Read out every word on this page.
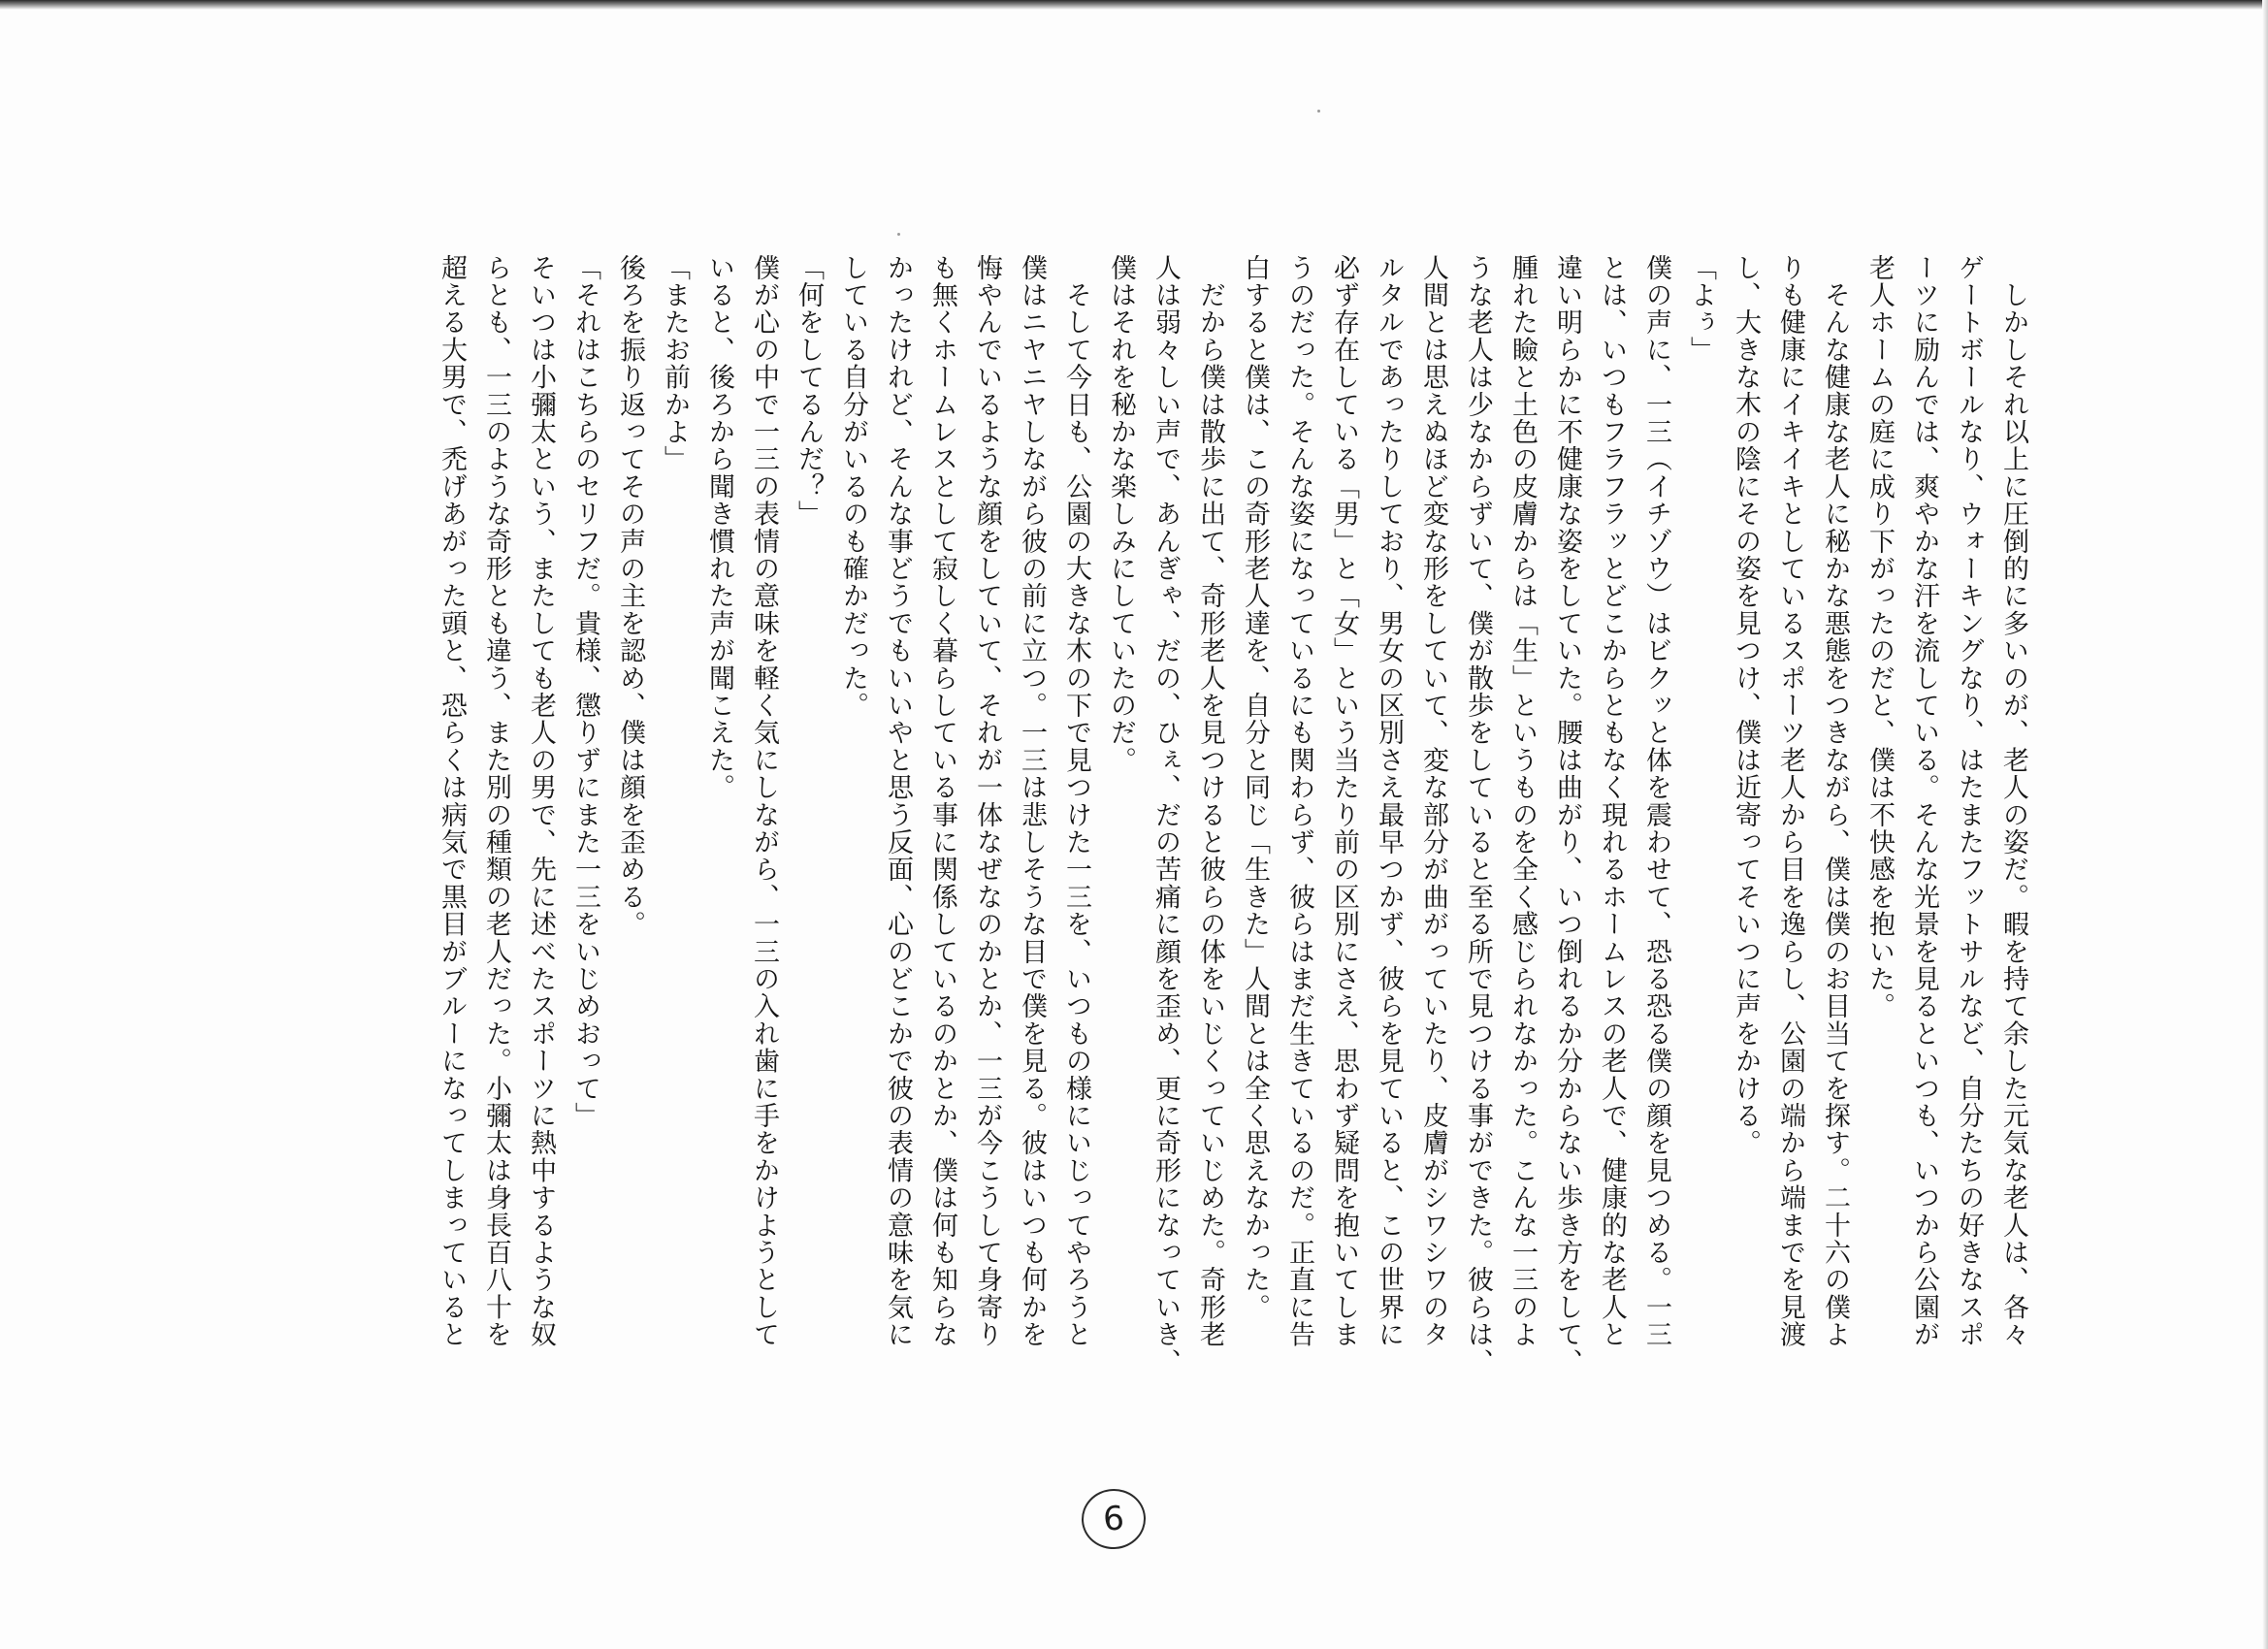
　しかしそれ以上に圧倒的に多いのが、老人の姿だ。暇を持て余した元気な老人は、各々
ゲートボールなり、ウォーキングなり、はたまたフットサルなど、自分たちの好きなスポ
ーツに励んでは、爽やかな汗を流している。そんな光景を見るといつも、いつから公園が
老人ホームの庭に成り下がったのだと、僕は不快感を抱いた。
　そんな健康な老人に秘かな悪態をつきながら、僕は僕のお目当てを探す。二十六の僕よ
りも健康にイキイキとしているスポーツ老人から目を逸らし、公園の端から端までを見渡
し、大きな木の陰にその姿を見つけ、僕は近寄ってそいつに声をかける。
「よぅ」
僕の声に、一三（イチゾウ）はビクッと体を震わせて、恐る恐る僕の顔を見つめる。一三
とは、いつもフラフラッとどこからともなく現れるホームレスの老人で、健康的な老人と
違い明らかに不健康な姿をしていた。腰は曲がり、いつ倒れるか分からない歩き方をして、
腫れた瞼と土色の皮膚からは「生」というものを全く感じられなかった。こんな一三のよ
うな老人は少なからずいて、僕が散歩をしていると至る所で見つける事ができた。彼らは、
人間とは思えぬほど変な形をしていて、変な部分が曲がっていたり、皮膚がシワシワのタ
ルタルであったりしており、男女の区別さえ最早つかず、彼らを見ていると、この世界に
必ず存在している「男」と「女」という当たり前の区別にさえ、思わず疑問を抱いてしま
うのだった。そんな姿になっているにも関わらず、彼らはまだ生きているのだ。正直に告
白すると僕は、この奇形老人達を、自分と同じ「生きた」人間とは全く思えなかった。
　だから僕は散歩に出て、奇形老人を見つけると彼らの体をいじくっていじめた。奇形老
人は弱々しい声で、あんぎゃ、だの、ひぇ、だの苦痛に顔を歪め、更に奇形になっていき、
僕はそれを秘かな楽しみにしていたのだ。
　そして今日も、公園の大きな木の下で見つけた一三を、いつもの様にいじってやろうと
僕はニヤニヤしながら彼の前に立つ。一三は悲しそうな目で僕を見る。彼はいつも何かを
悔やんでいるような顔をしていて、それが一体なぜなのかとか、一三が今こうして身寄り
も無くホームレスとして寂しく暮らしている事に関係しているのかとか、僕は何も知らな
かったけれど、そんな事どうでもいいやと思う反面、心のどこかで彼の表情の意味を気に
している自分がいるのも確かだった。
「何をしてるんだ？」
僕が心の中で一三の表情の意味を軽く気にしながら、一三の入れ歯に手をかけようとして
いると、後ろから聞き慣れた声が聞こえた。
「またお前かよ」
後ろを振り返ってその声の主を認め、僕は顔を歪める。
「それはこちらのセリフだ。貴様、懲りずにまた一三をいじめおって」
そいつは小彌太という、またしても老人の男で、先に述べたスポーツに熱中するような奴
らとも、一三のような奇形とも違う、また別の種類の老人だった。小彌太は身長百八十を
超える大男で、禿げあがった頭と、恐らくは病気で黒目がブルーになってしまっていると
6
